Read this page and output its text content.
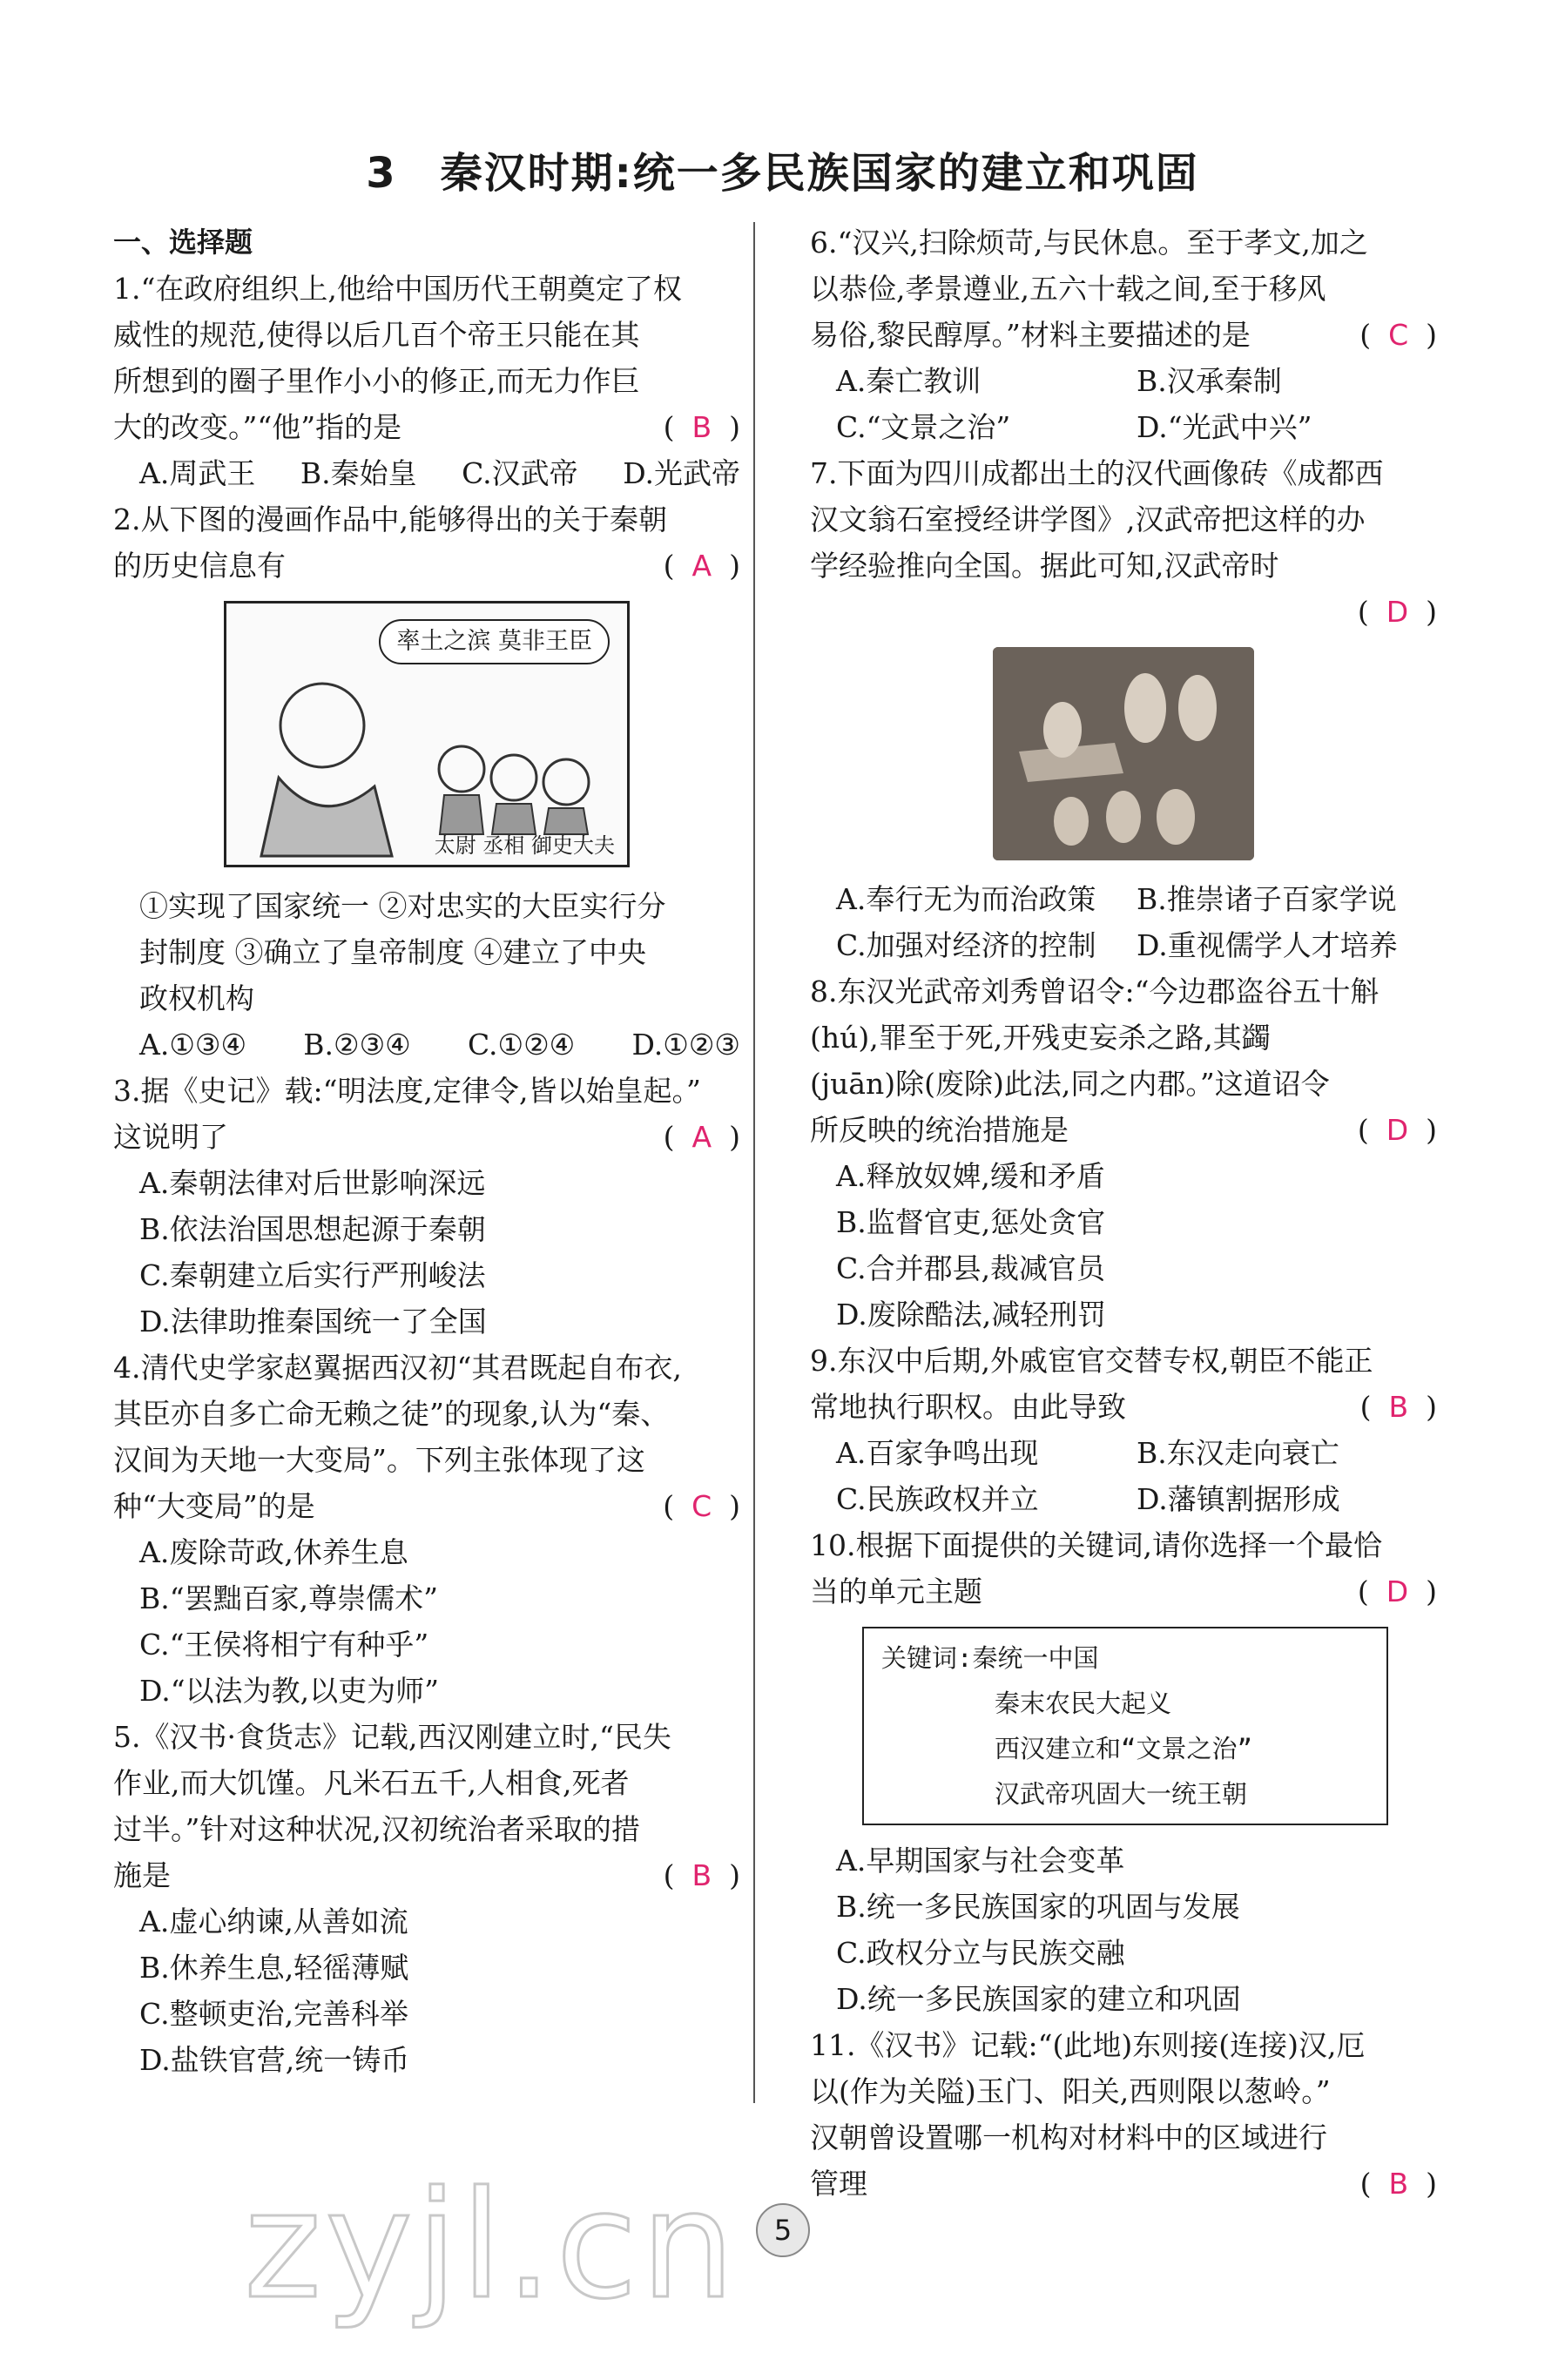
3 秦汉时期:统一多民族国家的建立和巩固
一、选择题

1.“在政府组织上,他给中国历代王朝奠定了权

威性的规范,使得以后几百个帝王只能在其

所想到的圈子里作小小的修正,而无力作巨

大的改变。”“他”指的是	( B )
A.周武王 B.秦始皇 C.汉武帝 D.光武帝

2.从下图的漫画作品中,能够得出的关于秦朝

的历史信息有	( A )
率土之滨 莫非王臣
太尉 丞相 御史大夫
①实现了国家统一 ②对忠实的大臣实行分
封制度 ③确立了皇帝制度 ④建立了中央
政权机构
A.①③④ B.②③④ C.①②④ D.①②③

3.据《史记》载:“明法度,定律令,皆以始皇起。”

这说明了	( A )
A.秦朝法律对后世影响深远
B.依法治国思想起源于秦朝
C.秦朝建立后实行严刑峻法
D.法律助推秦国统一了全国

4.清代史学家赵翼据西汉初“其君既起自布衣,

其臣亦自多亡命无赖之徒”的现象,认为“秦、

汉间为天地一大变局”。下列主张体现了这

种“大变局”的是	( C )
A.废除苛政,休养生息
B.“罢黜百家,尊崇儒术”
C.“王侯将相宁有种乎”
D.“以法为教,以吏为师”

5.《汉书·食货志》记载,西汉刚建立时,“民失

作业,而大饥馑。凡米石五千,人相食,死者

过半。”针对这种状况,汉初统治者采取的措

施是	( B )
A.虚心纳谏,从善如流
B.休养生息,轻徭薄赋
C.整顿吏治,完善科举
D.盐铁官营,统一铸币

6.“汉兴,扫除烦苛,与民休息。至于孝文,加之

以恭俭,孝景遵业,五六十载之间,至于移风

易俗,黎民醇厚。”材料主要描述的是	( C )
A.秦亡教训	B.汉承秦制
C.“文景之治”	D.“光武中兴”

7.下面为四川成都出土的汉代画像砖《成都西

汉文翁石室授经讲学图》,汉武帝把这样的办

学经验推向全国。据此可知,汉武帝时

( D )
A.奉行无为而治政策	B.推崇诸子百家学说
C.加强对经济的控制	D.重视儒学人才培养

8.东汉光武帝刘秀曾诏令:“今边郡盗谷五十斛

(hú),罪至于死,开残吏妄杀之路,其蠲

(juān)除(废除)此法,同之内郡。”这道诏令

所反映的统治措施是	( D )
A.释放奴婢,缓和矛盾
B.监督官吏,惩处贪官
C.合并郡县,裁减官员
D.废除酷法,减轻刑罚

9.东汉中后期,外戚宦官交替专权,朝臣不能正

常地执行职权。由此导致	( B )
A.百家争鸣出现	B.东汉走向衰亡
C.民族政权并立	D.藩镇割据形成

10.根据下面提供的关键词,请你选择一个最恰

当的单元主题	( D )
关键词:秦统一中国
秦末农民大起义
西汉建立和“文景之治”
汉武帝巩固大一统王朝
A.早期国家与社会变革
B.统一多民族国家的巩固与发展
C.政权分立与民族交融
D.统一多民族国家的建立和巩固

11.《汉书》记载:“(此地)东则接(连接)汉,厄

以(作为关隘)玉门、阳关,西则限以葱岭。”

汉朝曾设置哪一机构对材料中的区域进行

管理	( B )
zyjl.cn	5
